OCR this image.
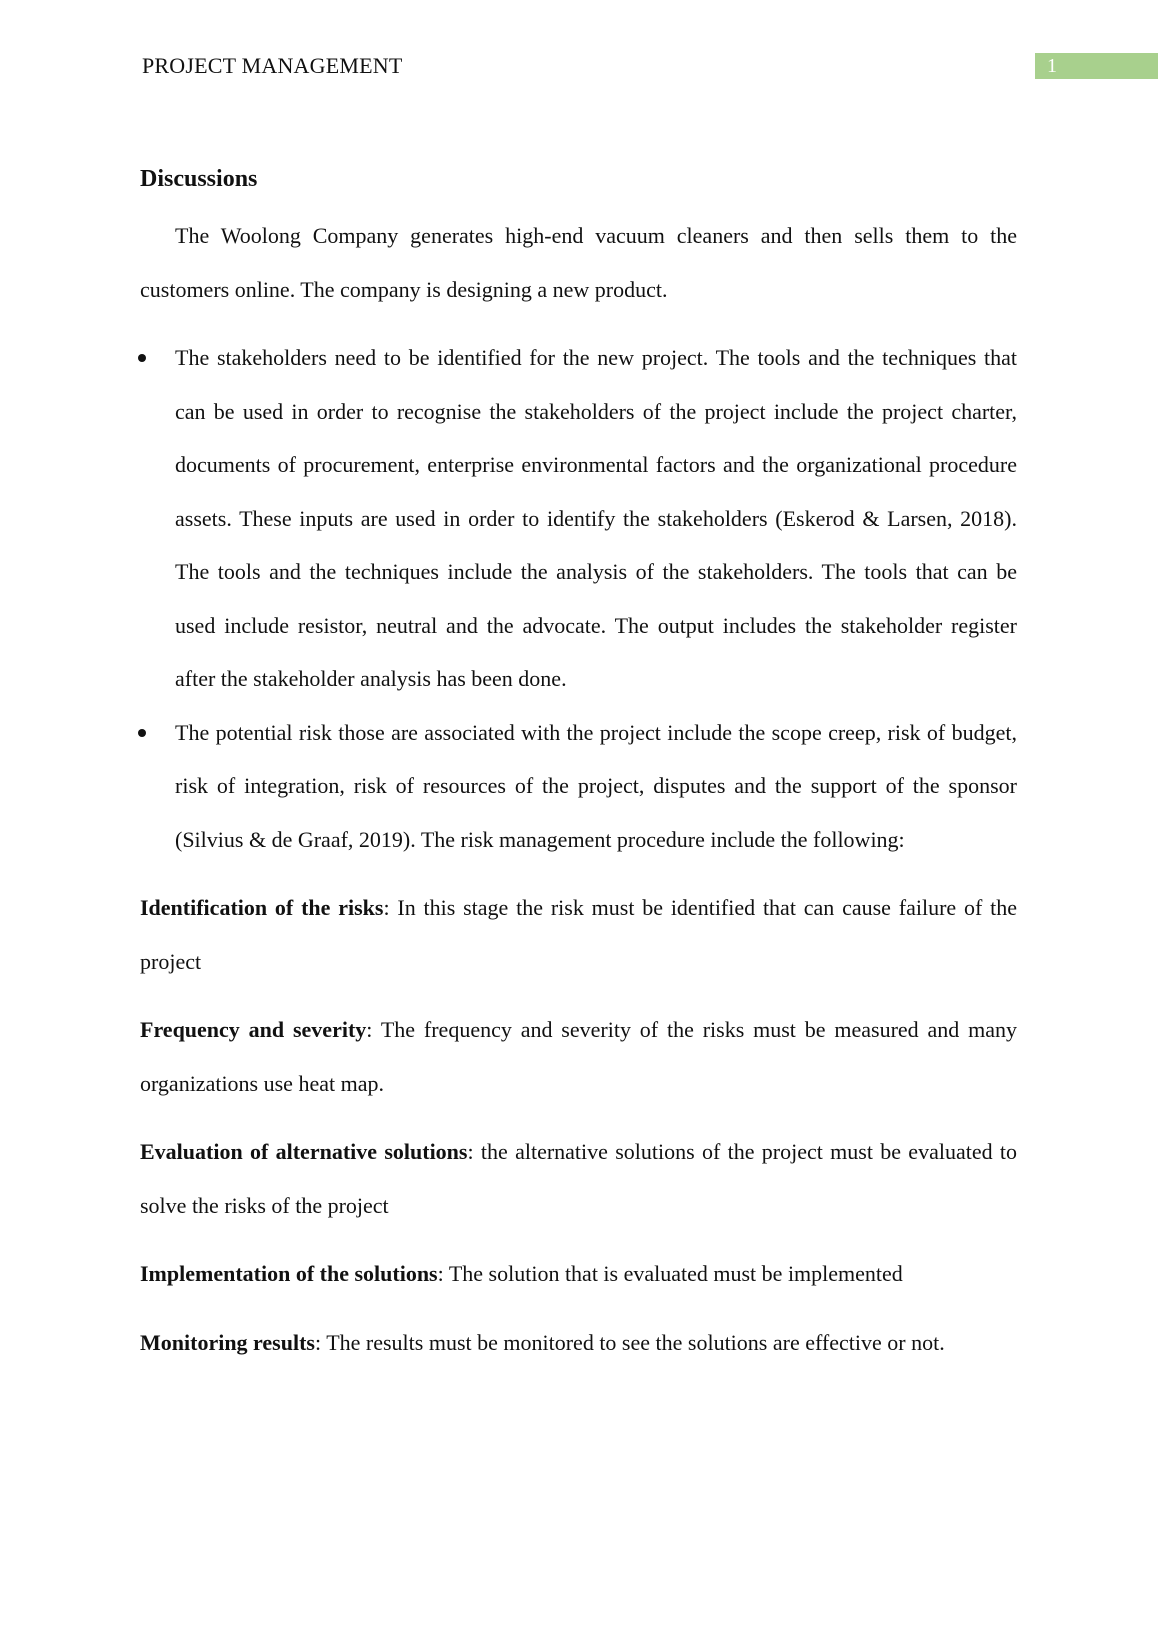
PROJECT MANAGEMENT	1
Discussions

The Woolong Company generates high-end vacuum cleaners and then sells them to the customers online. The company is designing a new product.

The stakeholders need to be identified for the new project. The tools and the techniques that can be used in order to recognise the stakeholders of the project include the project charter, documents of procurement, enterprise environmental factors and the organizational procedure assets. These inputs are used in order to identify the stakeholders (Eskerod & Larsen, 2018). The tools and the techniques include the analysis of the stakeholders. The tools that can be used include resistor, neutral and the advocate. The output includes the stakeholder register after the stakeholder analysis has been done.
The potential risk those are associated with the project include the scope creep, risk of budget, risk of integration, risk of resources of the project, disputes and the support of the sponsor (Silvius & de Graaf, 2019). The risk management procedure include the following:

Identification of the risks: In this stage the risk must be identified that can cause failure of the project

Frequency and severity: The frequency and severity of the risks must be measured and many organizations use heat map.

Evaluation of alternative solutions: the alternative solutions of the project must be evaluated to solve the risks of the project

Implementation of the solutions: The solution that is evaluated must be implemented

Monitoring results: The results must be monitored to see the solutions are effective or not.
